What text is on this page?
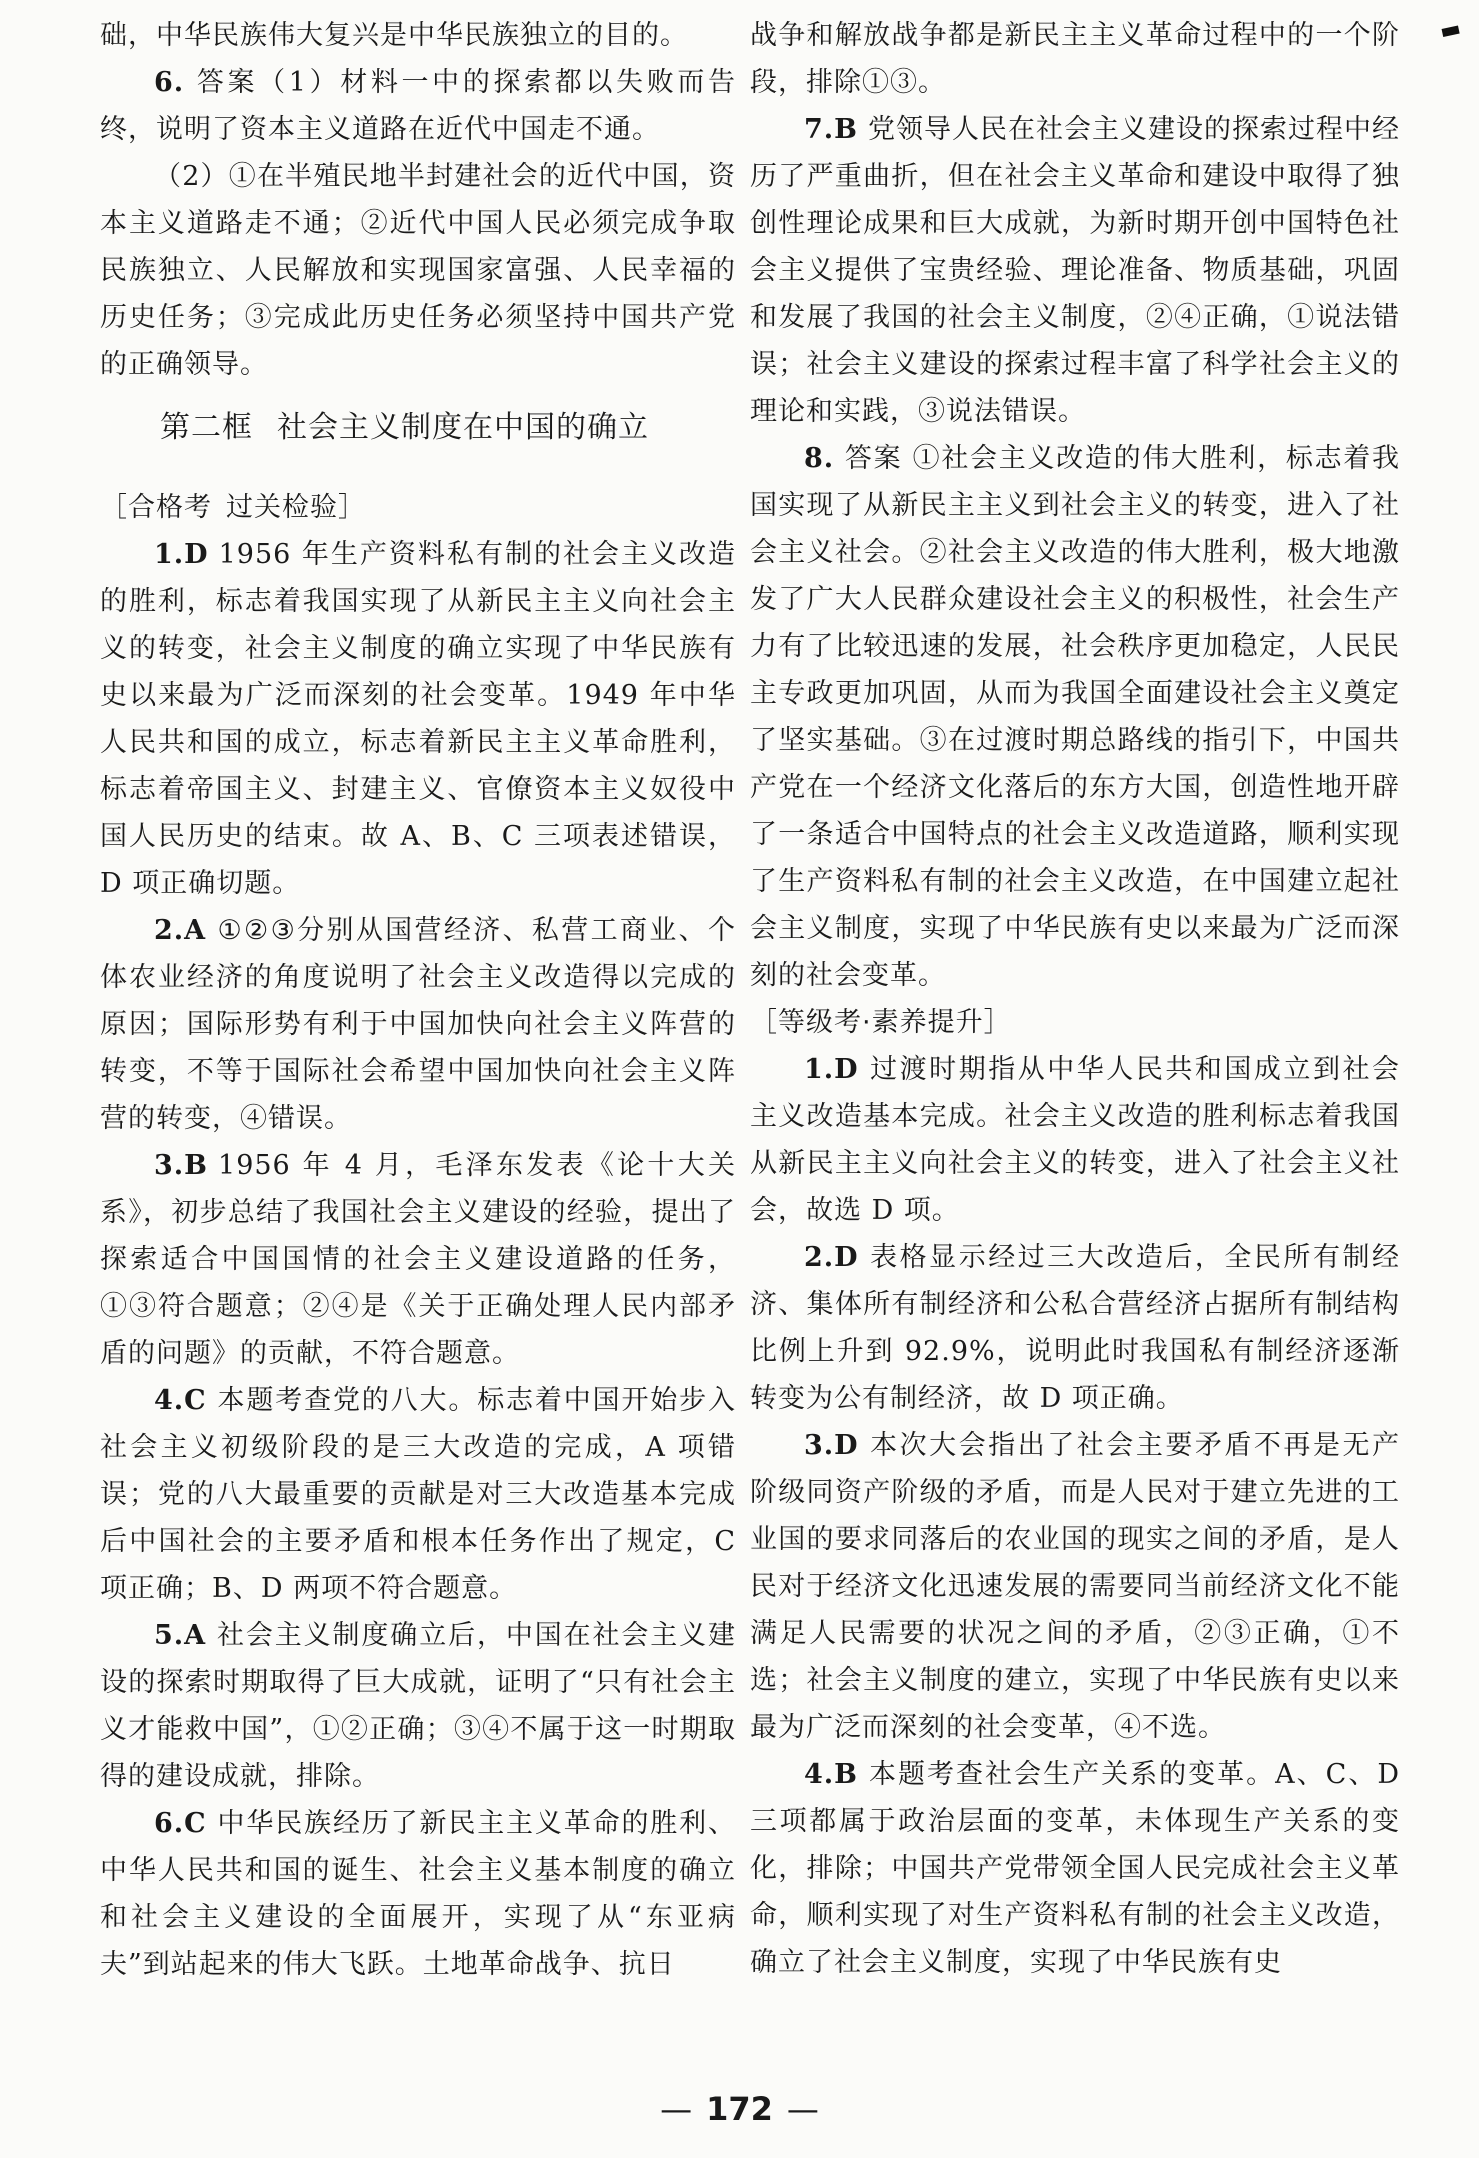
础，中华民族伟大复兴是中华民族独立的目的。

6. 答案（1）材料一中的探索都以失败而告终，说明了资本主义道路在近代中国走不通。

（2）①在半殖民地半封建社会的近代中国，资本主义道路走不通；②近代中国人民必须完成争取民族独立、人民解放和实现国家富强、人民幸福的历史任务；③完成此历史任务必须坚持中国共产党的正确领导。

第二框 社会主义制度在中国的确立

［合格考 过关检验］

1.D 1956 年生产资料私有制的社会主义改造的胜利，标志着我国实现了从新民主主义向社会主义的转变，社会主义制度的确立实现了中华民族有史以来最为广泛而深刻的社会变革。1949 年中华人民共和国的成立，标志着新民主主义革命胜利，标志着帝国主义、封建主义、官僚资本主义奴役中国人民历史的结束。故 A、B、C 三项表述错误，D 项正确切题。

2.A ①②③分别从国营经济、私营工商业、个体农业经济的角度说明了社会主义改造得以完成的原因；国际形势有利于中国加快向社会主义阵营的转变，不等于国际社会希望中国加快向社会主义阵营的转变，④错误。

3.B 1956 年 4 月，毛泽东发表《论十大关系》，初步总结了我国社会主义建设的经验，提出了探索适合中国国情的社会主义建设道路的任务，①③符合题意；②④是《关于正确处理人民内部矛盾的问题》的贡献，不符合题意。

4.C 本题考查党的八大。标志着中国开始步入社会主义初级阶段的是三大改造的完成，A 项错误；党的八大最重要的贡献是对三大改造基本完成后中国社会的主要矛盾和根本任务作出了规定，C 项正确；B、D 两项不符合题意。

5.A 社会主义制度确立后，中国在社会主义建设的探索时期取得了巨大成就，证明了“只有社会主义才能救中国”，①②正确；③④不属于这一时期取得的建设成就，排除。

6.C 中华民族经历了新民主主义革命的胜利、中华人民共和国的诞生、社会主义基本制度的确立和社会主义建设的全面展开，实现了从“东亚病夫”到站起来的伟大飞跃。土地革命战争、抗日

战争和解放战争都是新民主主义革命过程中的一个阶段，排除①③。

7.B 党领导人民在社会主义建设的探索过程中经历了严重曲折，但在社会主义革命和建设中取得了独创性理论成果和巨大成就，为新时期开创中国特色社会主义提供了宝贵经验、理论准备、物质基础，巩固和发展了我国的社会主义制度，②④正确，①说法错误；社会主义建设的探索过程丰富了科学社会主义的理论和实践，③说法错误。

8. 答案 ①社会主义改造的伟大胜利，标志着我国实现了从新民主主义到社会主义的转变，进入了社会主义社会。②社会主义改造的伟大胜利，极大地激发了广大人民群众建设社会主义的积极性，社会生产力有了比较迅速的发展，社会秩序更加稳定，人民民主专政更加巩固，从而为我国全面建设社会主义奠定了坚实基础。③在过渡时期总路线的指引下，中国共产党在一个经济文化落后的东方大国，创造性地开辟了一条适合中国特点的社会主义改造道路，顺利实现了生产资料私有制的社会主义改造，在中国建立起社会主义制度，实现了中华民族有史以来最为广泛而深刻的社会变革。

［等级考·素养提升］

1.D 过渡时期指从中华人民共和国成立到社会主义改造基本完成。社会主义改造的胜利标志着我国从新民主主义向社会主义的转变，进入了社会主义社会，故选 D 项。

2.D 表格显示经过三大改造后，全民所有制经济、集体所有制经济和公私合营经济占据所有制结构比例上升到 92.9%，说明此时我国私有制经济逐渐转变为公有制经济，故 D 项正确。

3.D 本次大会指出了社会主要矛盾不再是无产阶级同资产阶级的矛盾，而是人民对于建立先进的工业国的要求同落后的农业国的现实之间的矛盾，是人民对于经济文化迅速发展的需要同当前经济文化不能满足人民需要的状况之间的矛盾，②③正确，①不选；社会主义制度的建立，实现了中华民族有史以来最为广泛而深刻的社会变革，④不选。

4.B 本题考查社会生产关系的变革。A、C、D 三项都属于政治层面的变革，未体现生产关系的变化，排除；中国共产党带领全国人民完成社会主义革命，顺利实现了对生产资料私有制的社会主义改造，确立了社会主义制度，实现了中华民族有史

▬
— 172 —
